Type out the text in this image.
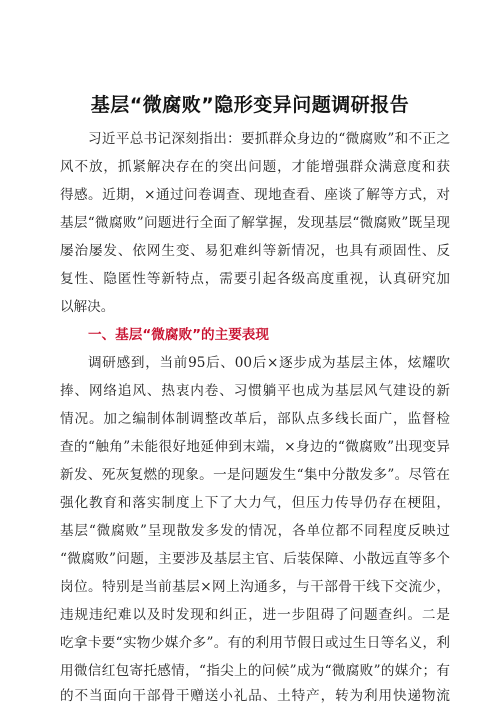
基层“微腐败”隐形变异问题调研报告
习近平总书记深刻指出：要抓群众身边的“微腐败”和不正之
风不放，抓紧解决存在的突出问题，才能增强群众满意度和获
得感。近期，×通过问卷调查、现地查看、座谈了解等方式，对
基层“微腐败”问题进行全面了解掌握，发现基层“微腐败”既呈现
屡治屡发、依网生变、易犯难纠等新情况，也具有顽固性、反
复性、隐匿性等新特点，需要引起各级高度重视，认真研究加
以解决。
一、基层“微腐败”的主要表现
调研感到，当前95后、00后×逐步成为基层主体，炫耀吹
捧、网络追风、热衷内卷、习惯躺平也成为基层风气建设的新
情况。加之编制体制调整改革后，部队点多线长面广，监督检
查的“触角”未能很好地延伸到末端，×身边的“微腐败”出现变异
新发、死灰复燃的现象。一是问题发生“集中分散发多”。尽管在
强化教育和落实制度上下了大力气，但压力传导仍存在梗阻，
基层“微腐败”呈现散发多发的情况，各单位都不同程度反映过
“微腐败”问题，主要涉及基层主官、后装保障、小散远直等多个
岗位。特别是当前基层×网上沟通多，与干部骨干线下交流少，
违规违纪难以及时发现和纠正，进一步阻碍了问题查纠。二是
吃拿卡要“实物少媒介多”。有的利用节假日或过生日等名义，利
用微信红包寄托感情，“指尖上的问候”成为“微腐败”的媒介；有
的不当面向干部骨干赠送小礼品、土特产，转为利用快递物流
